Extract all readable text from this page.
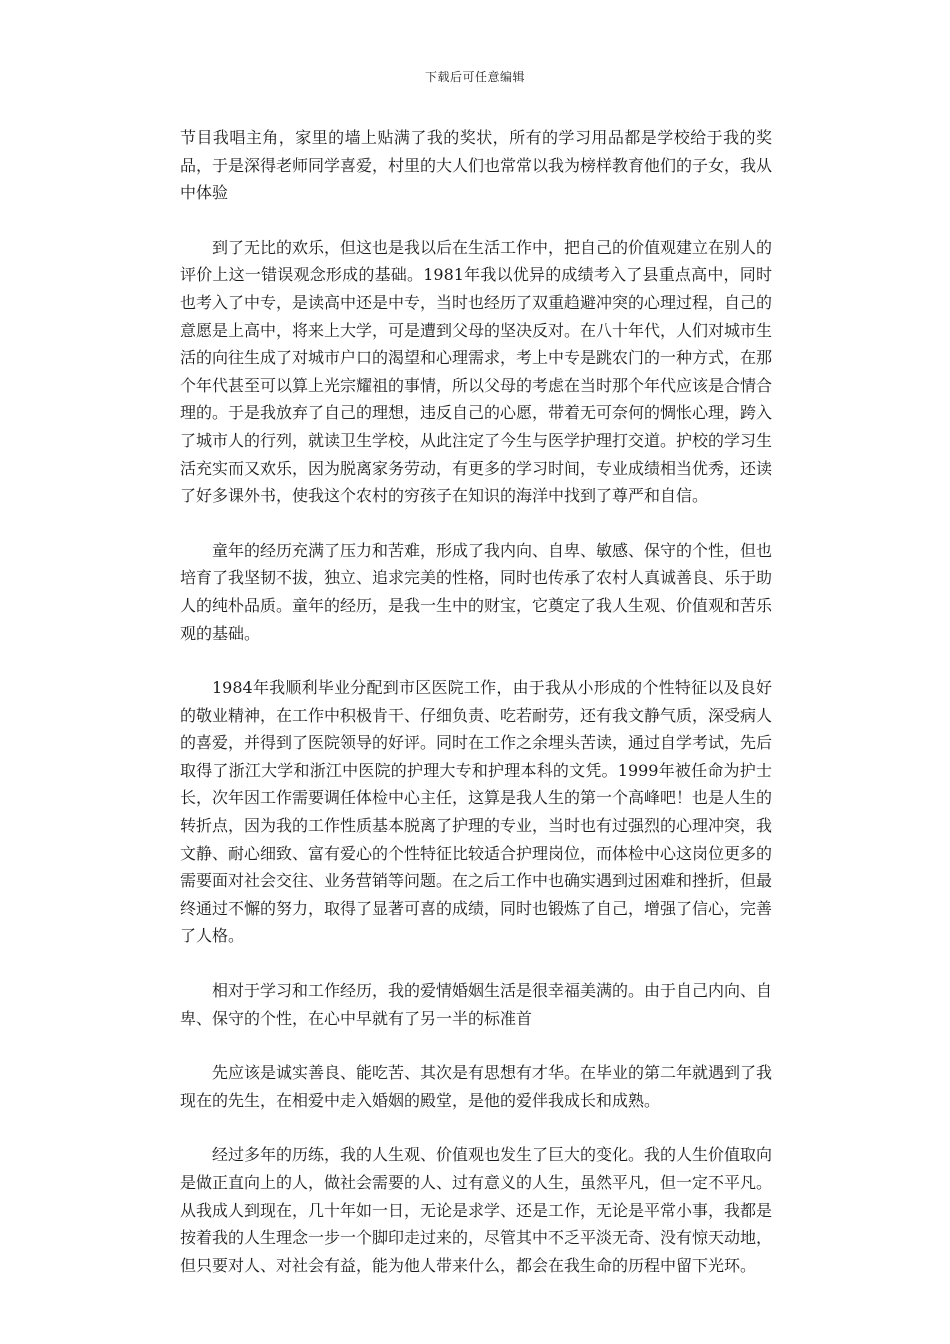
下载后可任意编辑

节目我唱主角，家里的墙上贴满了我的奖状，所有的学习用品都是学校给于我的奖品，于是深得老师同学喜爱，村里的大人们也常常以我为榜样教育他们的子女，我从中体验

到了无比的欢乐，但这也是我以后在生活工作中，把自己的价值观建立在别人的评价上这一错误观念形成的基础。1981年我以优异的成绩考入了县重点高中，同时也考入了中专，是读高中还是中专，当时也经历了双重趋避冲突的心理过程，自己的意愿是上高中，将来上大学，可是遭到父母的坚决反对。在八十年代，人们对城市生活的向往生成了对城市户口的渴望和心理需求，考上中专是跳农门的一种方式，在那个年代甚至可以算上光宗耀祖的事情，所以父母的考虑在当时那个年代应该是合情合理的。于是我放弃了自己的理想，违反自己的心愿，带着无可奈何的惆怅心理，跨入了城市人的行列，就读卫生学校，从此注定了今生与医学护理打交道。护校的学习生活充实而又欢乐，因为脱离家务劳动，有更多的学习时间，专业成绩相当优秀，还读了好多课外书，使我这个农村的穷孩子在知识的海洋中找到了尊严和自信。

童年的经历充满了压力和苦难，形成了我内向、自卑、敏感、保守的个性，但也培育了我坚韧不拔，独立、追求完美的性格，同时也传承了农村人真诚善良、乐于助人的纯朴品质。童年的经历，是我一生中的财宝，它奠定了我人生观、价值观和苦乐观的基础。

1984年我顺利毕业分配到市区医院工作，由于我从小形成的个性特征以及良好的敬业精神，在工作中积极肯干、仔细负责、吃若耐劳，还有我文静气质，深受病人的喜爱，并得到了医院领导的好评。同时在工作之余埋头苦读，通过自学考试，先后取得了浙江大学和浙江中医院的护理大专和护理本科的文凭。1999年被任命为护士长，次年因工作需要调任体检中心主任，这算是我人生的第一个高峰吧！也是人生的转折点，因为我的工作性质基本脱离了护理的专业，当时也有过强烈的心理冲突，我文静、耐心细致、富有爱心的个性特征比较适合护理岗位，而体检中心这岗位更多的需要面对社会交往、业务营销等问题。在之后工作中也确实遇到过困难和挫折，但最终通过不懈的努力，取得了显著可喜的成绩，同时也锻炼了自己，增强了信心，完善了人格。

相对于学习和工作经历，我的爱情婚姻生活是很幸福美满的。由于自己内向、自卑、保守的个性，在心中早就有了另一半的标准首

先应该是诚实善良、能吃苦、其次是有思想有才华。在毕业的第二年就遇到了我现在的先生，在相爱中走入婚姻的殿堂，是他的爱伴我成长和成熟。

经过多年的历练，我的人生观、价值观也发生了巨大的变化。我的人生价值取向是做正直向上的人，做社会需要的人、过有意义的人生，虽然平凡，但一定不平凡。从我成人到现在，几十年如一日，无论是求学、还是工作，无论是平常小事，我都是按着我的人生理念一步一个脚印走过来的，尽管其中不乏平淡无奇、没有惊天动地，但只要对人、对社会有益，能为他人带来什么，都会在我生命的历程中留下光环。
